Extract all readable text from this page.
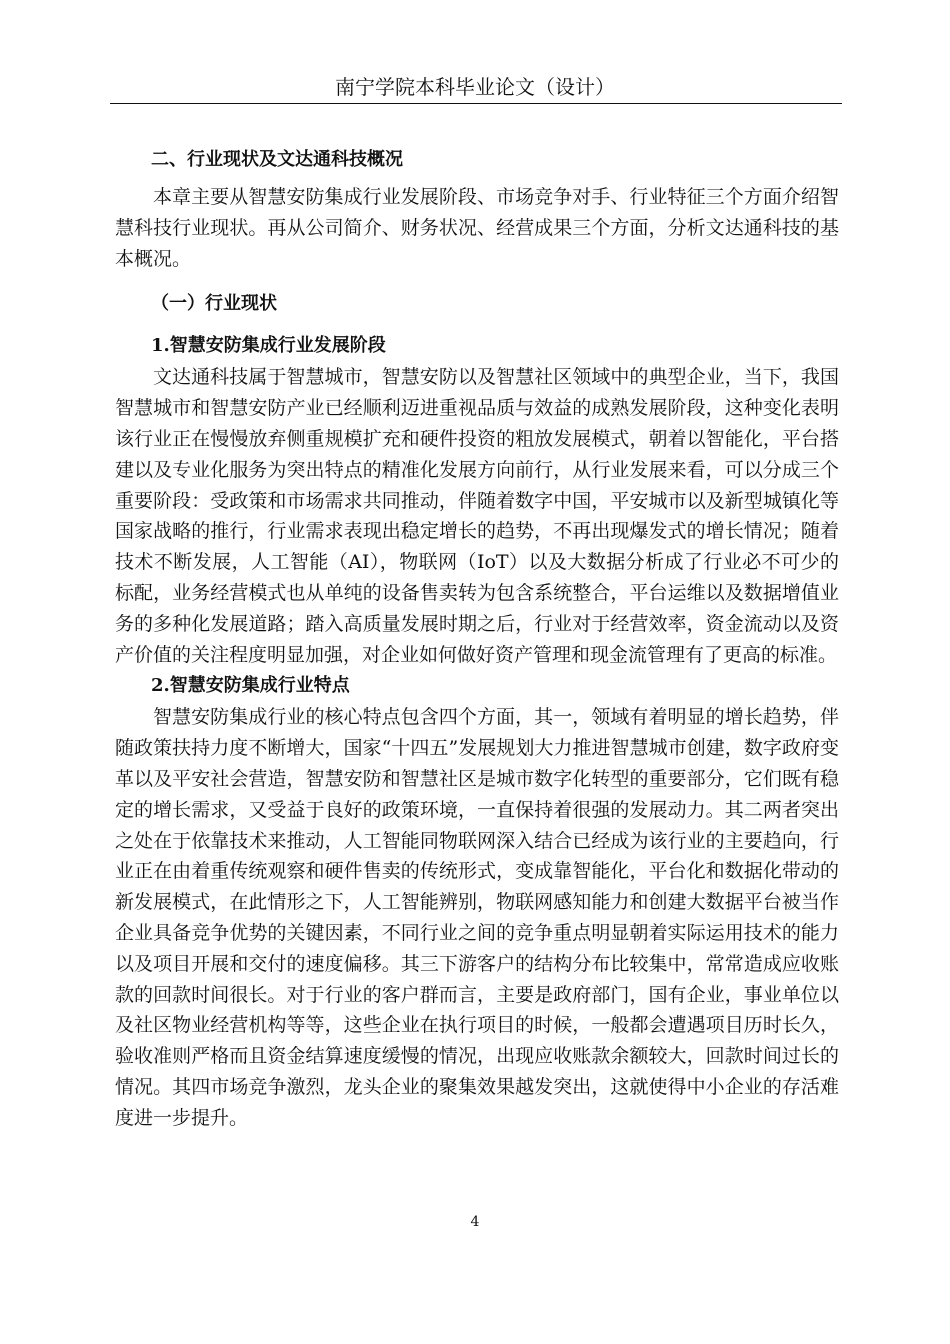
南宁学院本科毕业论文（设计）
二、行业现状及文达通科技概况

本章主要从智慧安防集成行业发展阶段、市场竞争对手、行业特征三个方面介绍智慧科技行业现状。再从公司简介、财务状况、经营成果三个方面，分析文达通科技的基本概况。

（一）行业现状
1.智慧安防集成行业发展阶段

文达通科技属于智慧城市，智慧安防以及智慧社区领域中的典型企业，当下，我国智慧城市和智慧安防产业已经顺利迈进重视品质与效益的成熟发展阶段，这种变化表明该行业正在慢慢放弃侧重规模扩充和硬件投资的粗放发展模式，朝着以智能化，平台搭建以及专业化服务为突出特点的精准化发展方向前行，从行业发展来看，可以分成三个重要阶段：受政策和市场需求共同推动，伴随着数字中国，平安城市以及新型城镇化等国家战略的推行，行业需求表现出稳定增长的趋势，不再出现爆发式的增长情况；随着技术不断发展，人工智能（AI），物联网（IoT）以及大数据分析成了行业必不可少的标配，业务经营模式也从单纯的设备售卖转为包含系统整合，平台运维以及数据增值业务的多种化发展道路；踏入高质量发展时期之后，行业对于经营效率，资金流动以及资产价值的关注程度明显加强，对企业如何做好资产管理和现金流管理有了更高的标准。

2.智慧安防集成行业特点

智慧安防集成行业的核心特点包含四个方面，其一，领域有着明显的增长趋势，伴随政策扶持力度不断增大，国家“十四五”发展规划大力推进智慧城市创建，数字政府变革以及平安社会营造，智慧安防和智慧社区是城市数字化转型的重要部分，它们既有稳定的增长需求，又受益于良好的政策环境，一直保持着很强的发展动力。其二两者突出之处在于依靠技术来推动，人工智能同物联网深入结合已经成为该行业的主要趋向，行业正在由着重传统观察和硬件售卖的传统形式，变成靠智能化，平台化和数据化带动的新发展模式，在此情形之下，人工智能辨别，物联网感知能力和创建大数据平台被当作企业具备竞争优势的关键因素，不同行业之间的竞争重点明显朝着实际运用技术的能力以及项目开展和交付的速度偏移。其三下游客户的结构分布比较集中，常常造成应收账款的回款时间很长。对于行业的客户群而言，主要是政府部门，国有企业，事业单位以及社区物业经营机构等等，这些企业在执行项目的时候，一般都会遭遇项目历时长久，验收准则严格而且资金结算速度缓慢的情况，出现应收账款余额较大，回款时间过长的情况。其四市场竞争激烈，龙头企业的聚集效果越发突出，这就使得中小企业的存活难度进一步提升。

4
